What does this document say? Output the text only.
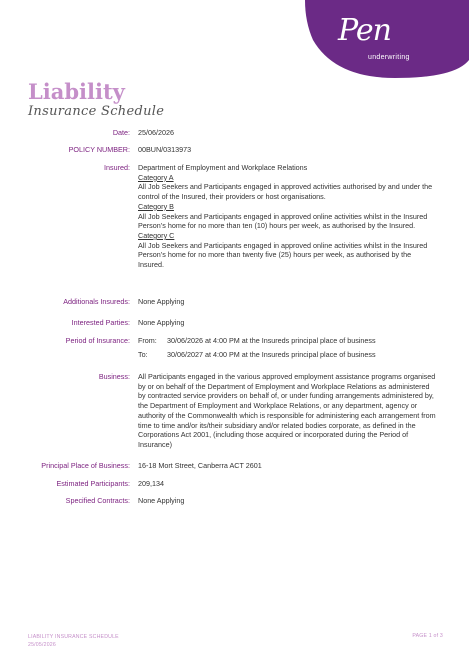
Pen
underwriting
Liability
Insurance Schedule
Date: 25/06/2026
POLICY NUMBER: 00BUN/0313973
Insured: Department of Employment and Workplace Relations
Category A
All Job Seekers and Participants engaged in approved activities authorised by and under the control of the Insured, their providers or host organisations.
Category B
All Job Seekers and Participants engaged in approved online activities whilst in the Insured Person’s home for no more than ten (10) hours per week, as authorised by the Insured.
Category C
All Job Seekers and Participants engaged in approved online activities whilst in the Insured Person’s home for no more than twenty five (25) hours per week, as authorised by the Insured.
Additionals Insureds: None Applying
Interested Parties: None Applying
Period of Insurance: From: 30/06/2026 at 4:00 PM at the Insureds principal place of business
To:	30/06/2027 at 4:00 PM at the Insureds principal place of business
Business: All Participants engaged in the various approved employment assistance programs organised by or on behalf of the Department of Employment and Workplace Relations as administered by contracted service providers on behalf of, or under funding arrangements administered by, the Department of Employment and Workplace Relations, or any department, agency or authority of the Commonwealth which is responsible for administering each arrangement from time to time and/or its/their subsidiary and/or related bodies corporate, as defined in the Corporations Act 2001, (including those acquired or incorporated during the Period of Insurance)
Principal Place of Business: 16-18 Mort Street, Canberra ACT 2601
Estimated Participants: 209,134
Specified Contracts: None Applying
LIABILITY INSURANCE SCHEDULE
25/05/2026
PAGE 1 of 3
